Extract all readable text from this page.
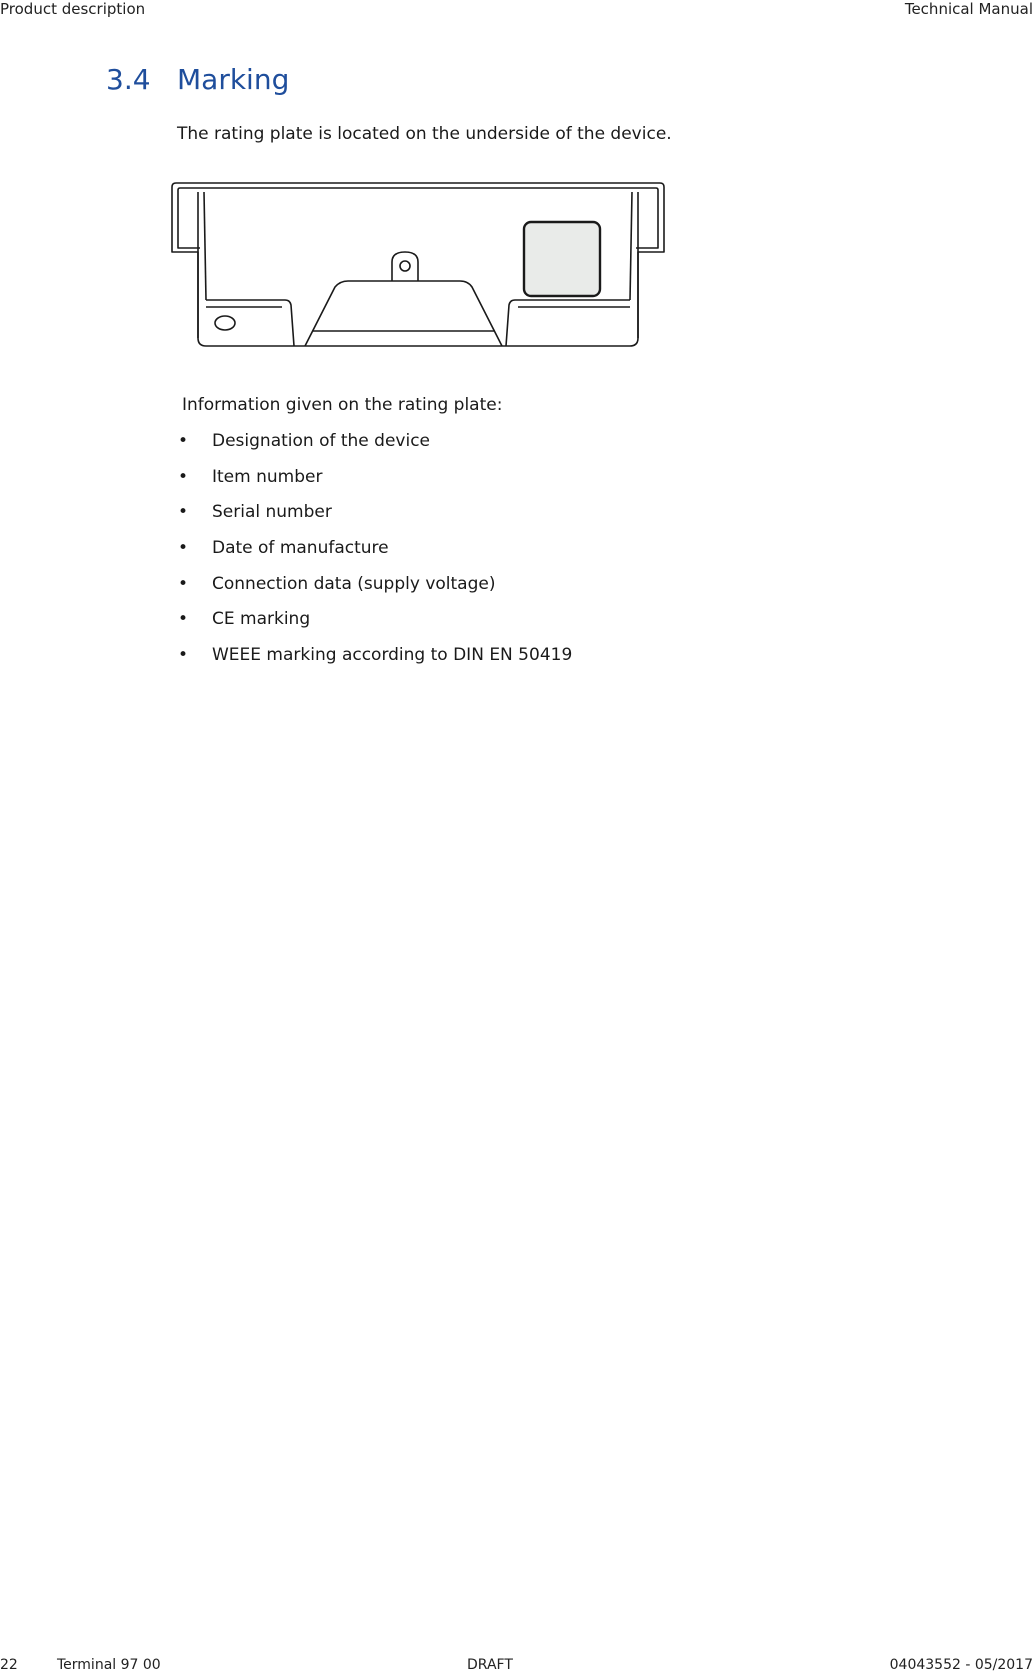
Product description	Technical Manual
3.4 Marking
The rating plate is located on the underside of the device.
Information given on the rating plate:
• Designation of the device
• Item number
• Serial number
• Date of manufacture
• Connection data (supply voltage)
• CE marking
• WEEE marking according to DIN EN 50419
22	Terminal 97 00	DRAFT	04043552 - 05/2017
